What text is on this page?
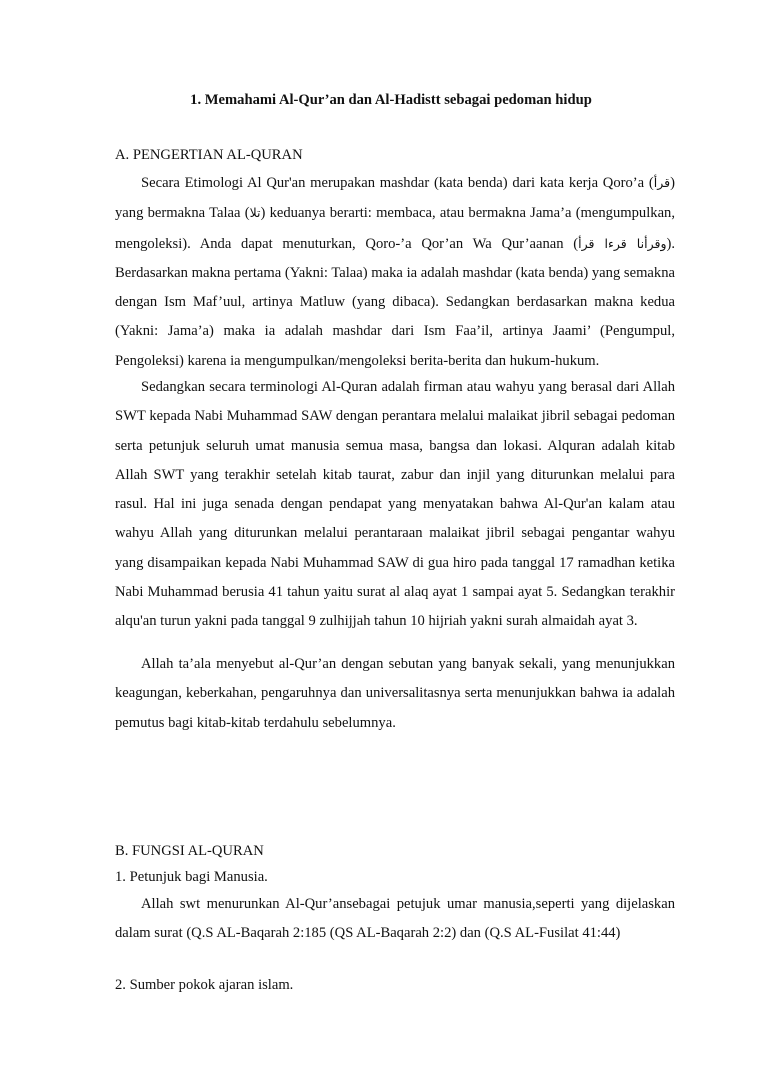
1. Memahami Al-Qur’an dan Al-Hadistt sebagai pedoman hidup
A. PENGERTIAN AL-QURAN
Secara Etimologi Al Qur'an merupakan mashdar (kata benda) dari kata kerja Qoro’a (قرأ) yang bermakna Talaa (تلا) keduanya berarti: membaca, atau bermakna Jama’a (mengumpulkan, mengoleksi). Anda dapat menuturkan, Qoro-’a Qor’an Wa Qur’aanan (وقرأنا قرءا قرأ). Berdasarkan makna pertama (Yakni: Talaa) maka ia adalah mashdar (kata benda) yang semakna dengan Ism Maf’uul, artinya Matluw (yang dibaca). Sedangkan berdasarkan makna kedua (Yakni: Jama’a) maka ia adalah mashdar dari Ism Faa’il, artinya Jaami’ (Pengumpul, Pengoleksi) karena ia mengumpulkan/mengoleksi berita-berita dan hukum-hukum.
Sedangkan secara terminologi Al-Quran adalah firman atau wahyu yang berasal dari Allah SWT kepada Nabi Muhammad SAW dengan perantara melalui malaikat jibril sebagai pedoman serta petunjuk seluruh umat manusia semua masa, bangsa dan lokasi. Alquran adalah kitab Allah SWT yang terakhir setelah kitab taurat, zabur dan injil yang diturunkan melalui para rasul. Hal ini juga senada dengan pendapat yang menyatakan bahwa Al-Qur'an kalam atau wahyu Allah yang diturunkan melalui perantaraan malaikat jibril sebagai pengantar wahyu yang disampaikan kepada Nabi Muhammad SAW di gua hiro pada tanggal 17 ramadhan ketika Nabi Muhammad berusia 41 tahun yaitu surat al alaq ayat 1 sampai ayat 5. Sedangkan terakhir alqu'an turun yakni pada tanggal 9 zulhijjah tahun 10 hijriah yakni surah almaidah ayat 3.
Allah ta’ala menyebut al-Qur’an dengan sebutan yang banyak sekali, yang menunjukkan keagungan, keberkahan, pengaruhnya dan universalitasnya serta menunjukkan bahwa ia adalah pemutus bagi kitab-kitab terdahulu sebelumnya.
B. FUNGSI AL-QURAN
1. Petunjuk bagi Manusia.
Allah swt menurunkan Al-Qur’ansebagai petujuk umar manusia,seperti yang dijelaskan dalam surat (Q.S AL-Baqarah 2:185 (QS AL-Baqarah 2:2) dan (Q.S AL-Fusilat 41:44)
2. Sumber pokok ajaran islam.
